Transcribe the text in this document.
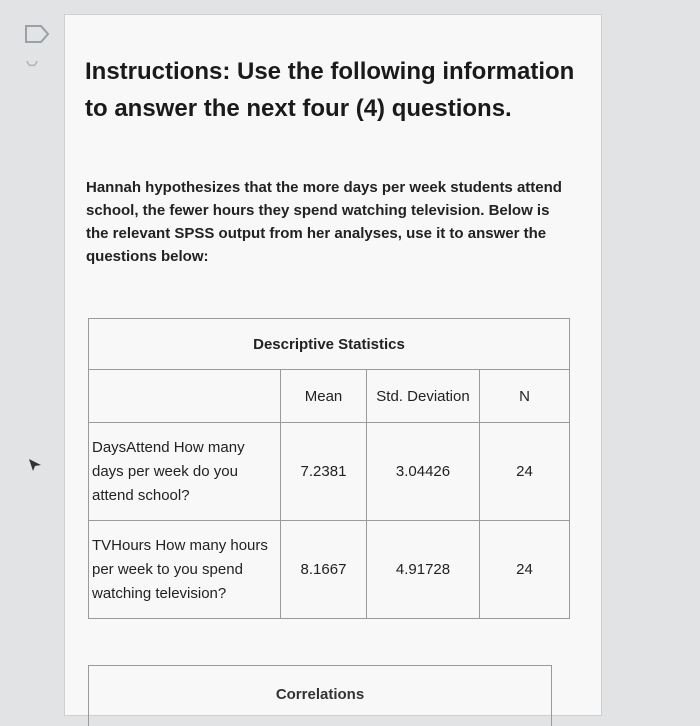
Instructions: Use the following information
to answer the next four (4) questions.
Hannah hypothesizes that the more days per week students attend
school, the fewer hours they spend watching television. Below is
the relevant SPSS output from her analyses, use it to answer the
questions below:
Descriptive Statistics			
	Mean	Std. Deviation	N

DaysAttend How many
days per week do you
attend school?	7.2381	3.04426	24

TVHours How many hours
per week to you spend
watching television?	8.1667	4.91728	24
Correlations
